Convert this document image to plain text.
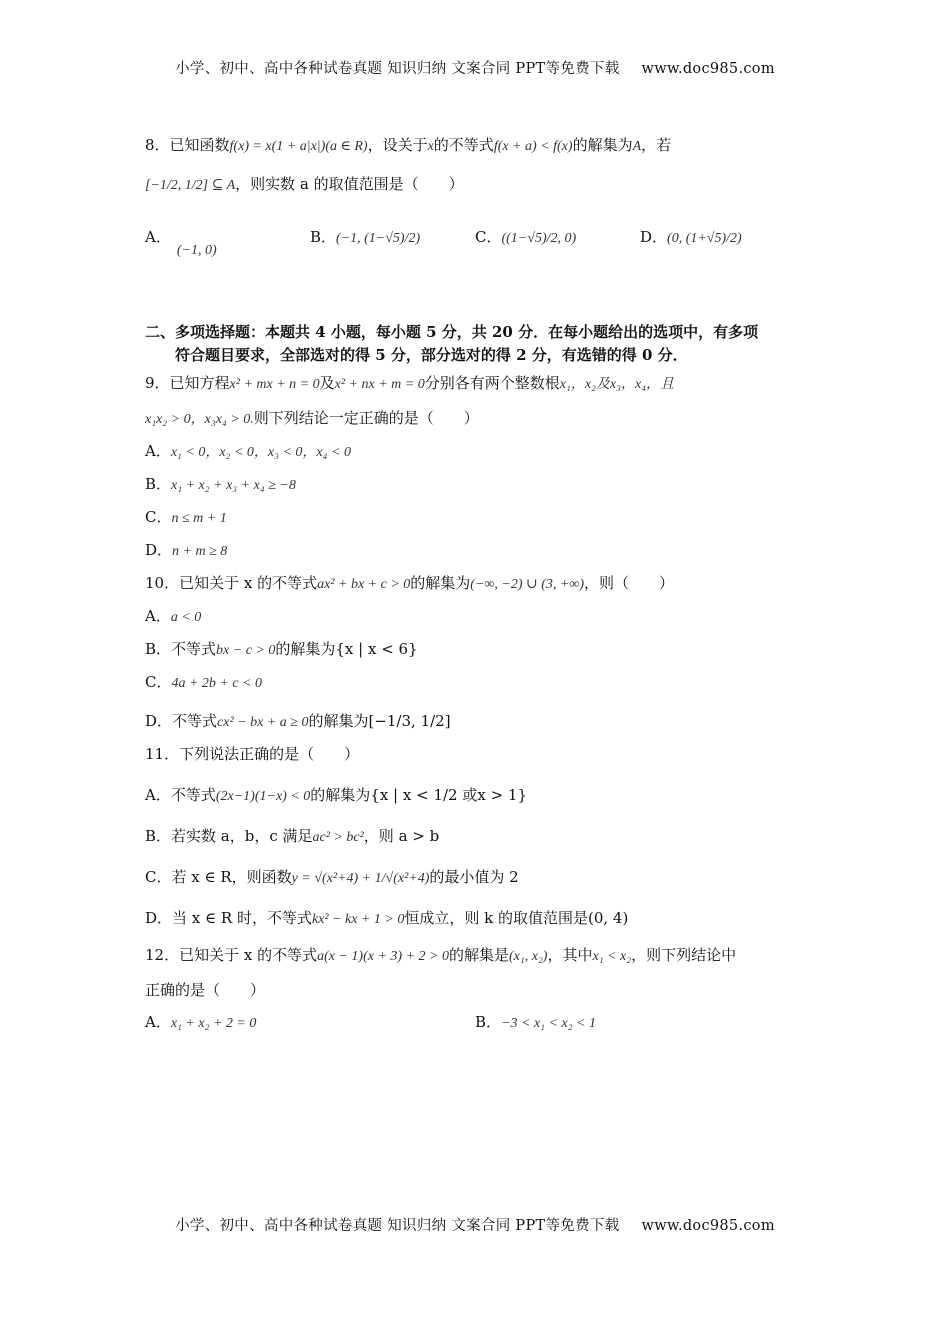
小学、初中、高中各种试卷真题 知识归纳 文案合同 PPT等免费下载 www.doc985.com
8．已知函数f(x) = x(1 + a|x|)(a ∈ R)，设关于x的不等式f(x + a) < f(x)的解集为A，若
[−1/2, 1/2] ⊆ A，则实数 a 的取值范围是（　　）
A．(−1, 0)
B．(−1, (1−√5)/2)	C．((1−√5)/2, 0)	D．(0, (1+√5)/2)
二、多项选择题：本题共 4 小题，每小题 5 分，共 20 分．在每小题给出的选项中，有多项
符合题目要求，全部选对的得 5 分，部分选对的得 2 分，有选错的得 0 分．
9．已知方程x² + mx + n = 0及x² + nx + m = 0分别各有两个整数根x₁，x₂及x₃，x₄，且
x₁x₂ > 0，x₃x₄ > 0.则下列结论一定正确的是（　　）
A．x₁ < 0，x₂ < 0，x₃ < 0，x₄ < 0
B．x₁ + x₂ + x₃ + x₄ ≥ −8
C．n ≤ m + 1
D．n + m ≥ 8
10．已知关于 x 的不等式ax² + bx + c > 0的解集为(−∞, −2) ∪ (3, +∞)，则（　　）
A．a < 0
B．不等式bx − c > 0的解集为{x | x < 6}
C．4a + 2b + c < 0
D．不等式cx² − bx + a ≥ 0的解集为[−1/3, 1/2]
11．下列说法正确的是（　　）
A．不等式(2x−1)(1−x) < 0的解集为{x | x < 1/2 或x > 1}
B．若实数 a，b，c 满足ac² > bc²，则 a > b
C．若 x ∈ R，则函数y = √(x²+4) + 1/√(x²+4)的最小值为 2
D．当 x ∈ R 时，不等式kx² − kx + 1 > 0恒成立，则 k 的取值范围是(0, 4)
12．已知关于 x 的不等式a(x − 1)(x + 3) + 2 > 0的解集是(x₁, x₂)，其中x₁ < x₂，则下列结论中
正确的是（　　）
A．x₁ + x₂ + 2 = 0	B．−3 < x₁ < x₂ < 1
小学、初中、高中各种试卷真题 知识归纳 文案合同 PPT等免费下载 www.doc985.com
